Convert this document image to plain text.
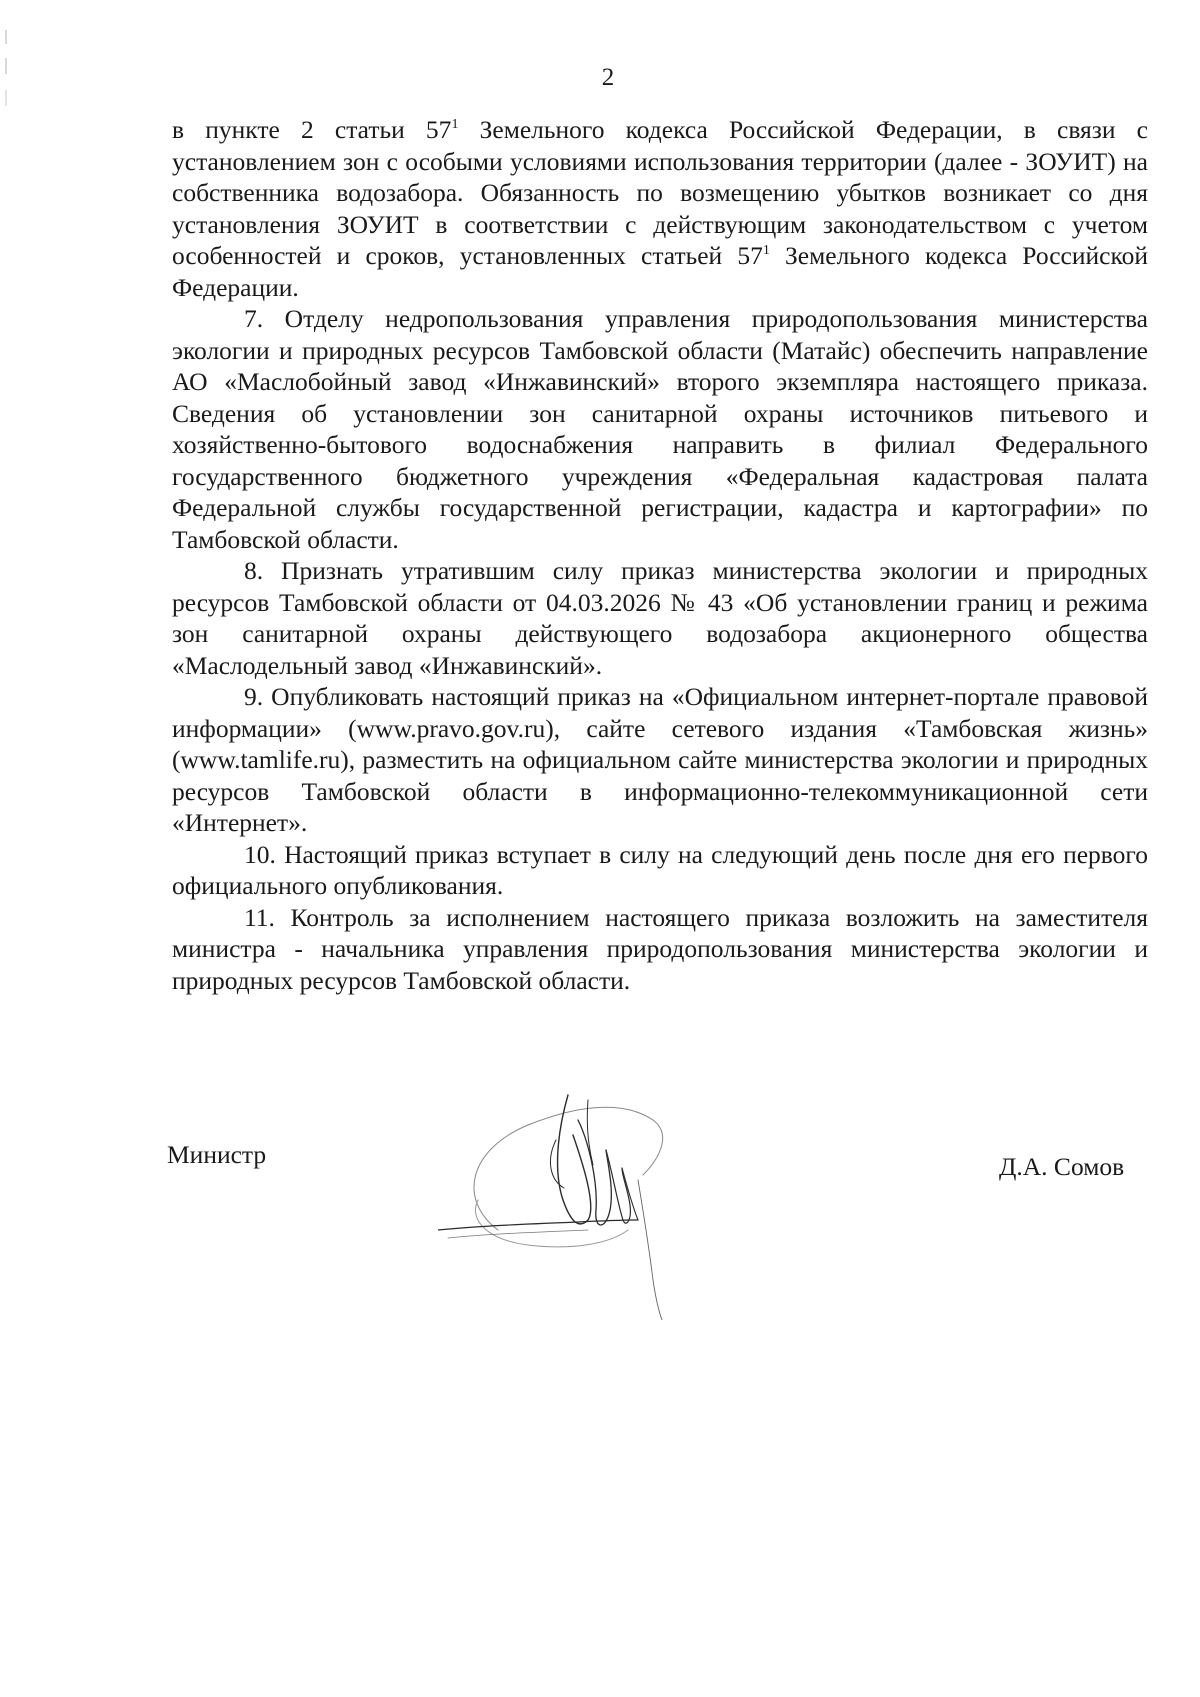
2

в пункте 2 статьи $57^1$ Земельного кодекса Российской Федерации, в связи с установлением зон с особыми условиями использования территории (далее - ЗОУИТ) на собственника водозабора. Обязанность по возмещению убытков возникает со дня установления ЗОУИТ в соответствии с действующим законодательством с учетом особенностей и сроков, установленных статьей $57^1$ Земельного кодекса Российской Федерации.

7. Отделу недропользования управления природопользования министерства экологии и природных ресурсов Тамбовской области (Матайс) обеспечить направление АО «Маслобойный завод «Инжавинский» второго экземпляра настоящего приказа. Сведения об установлении зон санитарной охраны источников питьевого и хозяйственно-бытового водоснабжения направить в филиал Федерального государственного бюджетного учреждения «Федеральная кадастровая палата Федеральной службы государственной регистрации, кадастра и картографии» по Тамбовской области.

8. Признать утратившим силу приказ министерства экологии и природных ресурсов Тамбовской области от 04.03.2026 № 43 «Об установлении границ и режима зон санитарной охраны действующего водозабора акционерного общества «Маслодельный завод «Инжавинский».

9. Опубликовать настоящий приказ на «Официальном интернет-портале правовой информации» (www.pravo.gov.ru), сайте сетевого издания «Тамбовская жизнь» (www.tamlife.ru), разместить на официальном сайте министерства экологии и природных ресурсов Тамбовской области в информационно-телекоммуникационной сети «Интернет».

10. Настоящий приказ вступает в силу на следующий день после дня его первого официального опубликования.

11. Контроль за исполнением настоящего приказа возложить на заместителя министра - начальника управления природопользования министерства экологии и природных ресурсов Тамбовской области.

Министр	Д.А. Сомов
